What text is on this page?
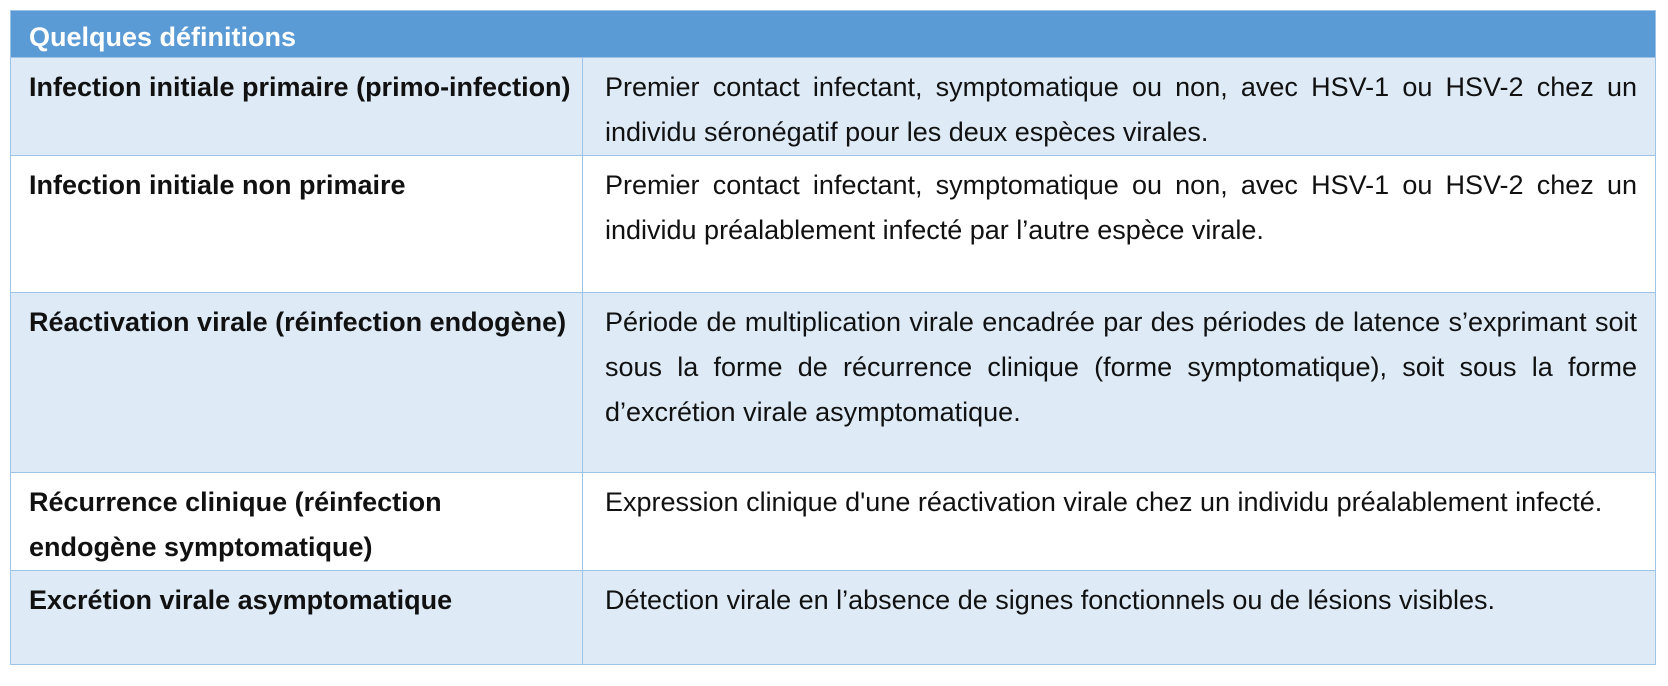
Quelques définitions	
Infection initiale primaire (primo-infection)	Premier contact infectant, symptomatique ou non, avec HSV-1 ou HSV-2 chez un individu séronégatif pour les deux espèces virales.
Infection initiale non primaire	Premier contact infectant, symptomatique ou non, avec HSV-1 ou HSV-2 chez un individu préalablement infecté par l’autre espèce virale.
Réactivation virale (réinfection endogène)	Période de multiplication virale encadrée par des périodes de latence s’exprimant soit sous la forme de récurrence clinique (forme symptomatique), soit sous la forme d’excrétion virale asymptomatique.
Récurrence clinique (réinfection endogène symptomatique)	Expression clinique d'une réactivation virale chez un individu préalablement infecté.
Excrétion virale asymptomatique	Détection virale en l’absence de signes fonctionnels ou de lésions visibles.
